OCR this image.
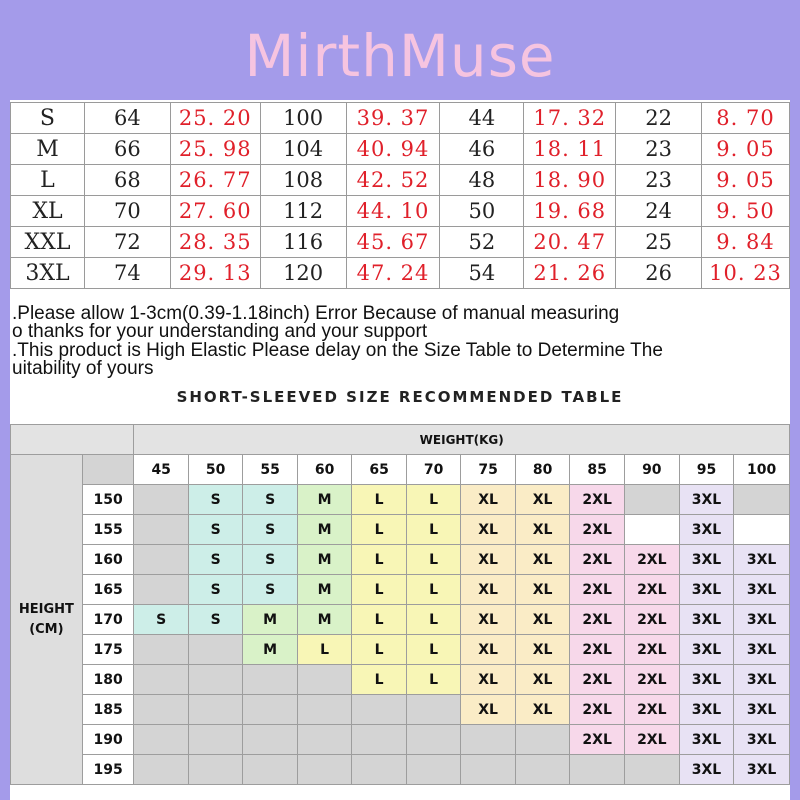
MirthMuse
S	64	25. 20	100	39. 37	44	17. 32	22	8. 70
M	66	25. 98	104	40. 94	46	18. 11	23	9. 05
L	68	26. 77	108	42. 52	48	18. 90	23	9. 05
XL	70	27. 60	112	44. 10	50	19. 68	24	9. 50
XXL	72	28. 35	116	45. 67	52	20. 47	25	9. 84
3XL	74	29. 13	120	47. 24	54	21. 26	26	10. 23
.Please allow 1-3cm(0.39-1.18inch) Error Because of manual measuring
o thanks for your understanding and your support
.This product is High Elastic Please delay on the Size Table to Determine The
uitability of yours
SHORT-SLEEVED SIZE RECOMMENDED TABLE
		WEIGHT(KG)											

HEIGHT
(CM)		45	50	55	60	65	70	75	80	85	90	95	100
	150		S	S	M	L	L	XL	XL	2XL		3XL	
	155		S	S	M	L	L	XL	XL	2XL		3XL	
	160		S	S	M	L	L	XL	XL	2XL	2XL	3XL	3XL
	165		S	S	M	L	L	XL	XL	2XL	2XL	3XL	3XL
	170	S	S	M	M	L	L	XL	XL	2XL	2XL	3XL	3XL
	175			M	L	L	L	XL	XL	2XL	2XL	3XL	3XL
	180					L	L	XL	XL	2XL	2XL	3XL	3XL
	185							XL	XL	2XL	2XL	3XL	3XL
	190									2XL	2XL	3XL	3XL
	195											3XL	3XL
